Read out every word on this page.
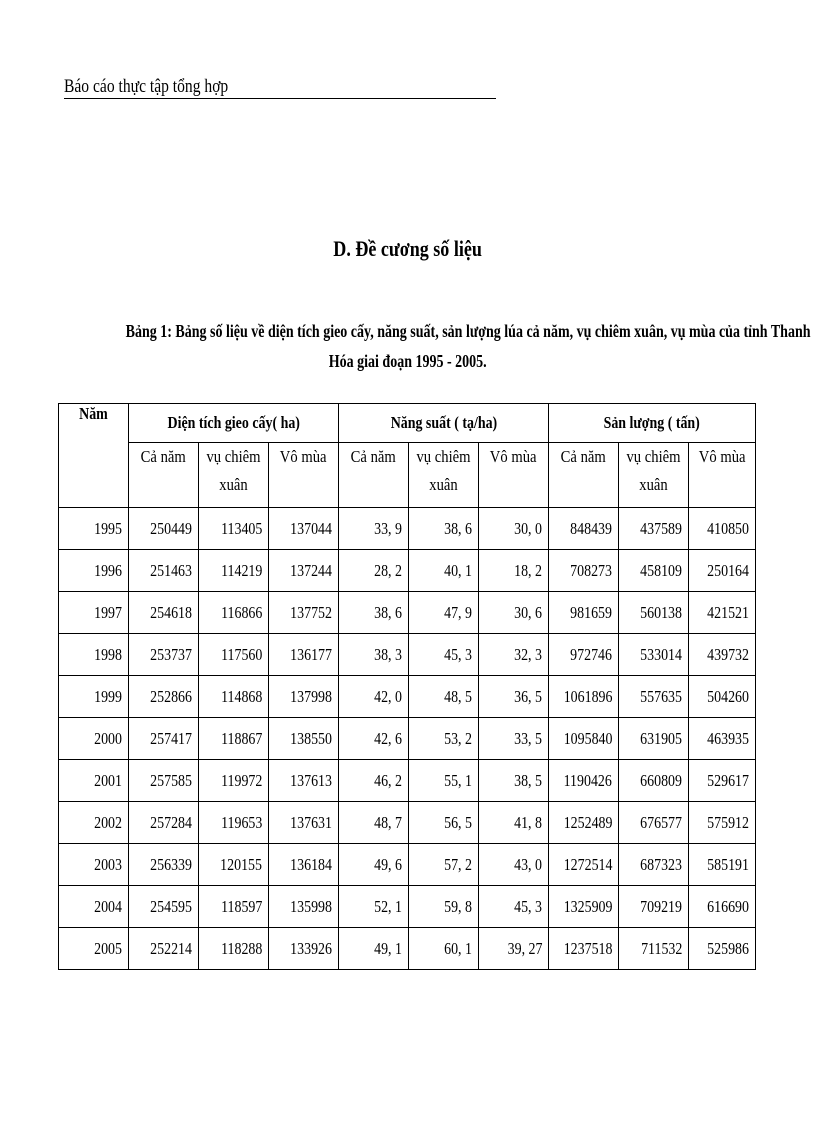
Báo cáo thực tập tổng hợp
D. Đề cương số liệu
Bảng 1: Bảng số liệu về diện tích gieo cấy, năng suất, sản lượng lúa cả năm, vụ chiêm xuân, vụ mùa của tỉnh Thanh
Hóa giai đoạn 1995 - 2005.
Năm	Diện tích gieo cấy( ha)			Năng suất ( tạ/ha)			Sản lượng ( tấn)		
	Cả năm	vụ chiêm xuân	Vô mùa	Cả năm	vụ chiêm xuân	Vô mùa	Cả năm	vụ chiêm xuân	Vô mùa
1995	250449	113405	137044	33, 9	38, 6	30, 0	848439	437589	410850
1996	251463	114219	137244	28, 2	40, 1	18, 2	708273	458109	250164
1997	254618	116866	137752	38, 6	47, 9	30, 6	981659	560138	421521
1998	253737	117560	136177	38, 3	45, 3	32, 3	972746	533014	439732
1999	252866	114868	137998	42, 0	48, 5	36, 5	1061896	557635	504260
2000	257417	118867	138550	42, 6	53, 2	33, 5	1095840	631905	463935
2001	257585	119972	137613	46, 2	55, 1	38, 5	1190426	660809	529617
2002	257284	119653	137631	48, 7	56, 5	41, 8	1252489	676577	575912
2003	256339	120155	136184	49, 6	57, 2	43, 0	1272514	687323	585191
2004	254595	118597	135998	52, 1	59, 8	45, 3	1325909	709219	616690
2005	252214	118288	133926	49, 1	60, 1	39, 27	1237518	711532	525986
